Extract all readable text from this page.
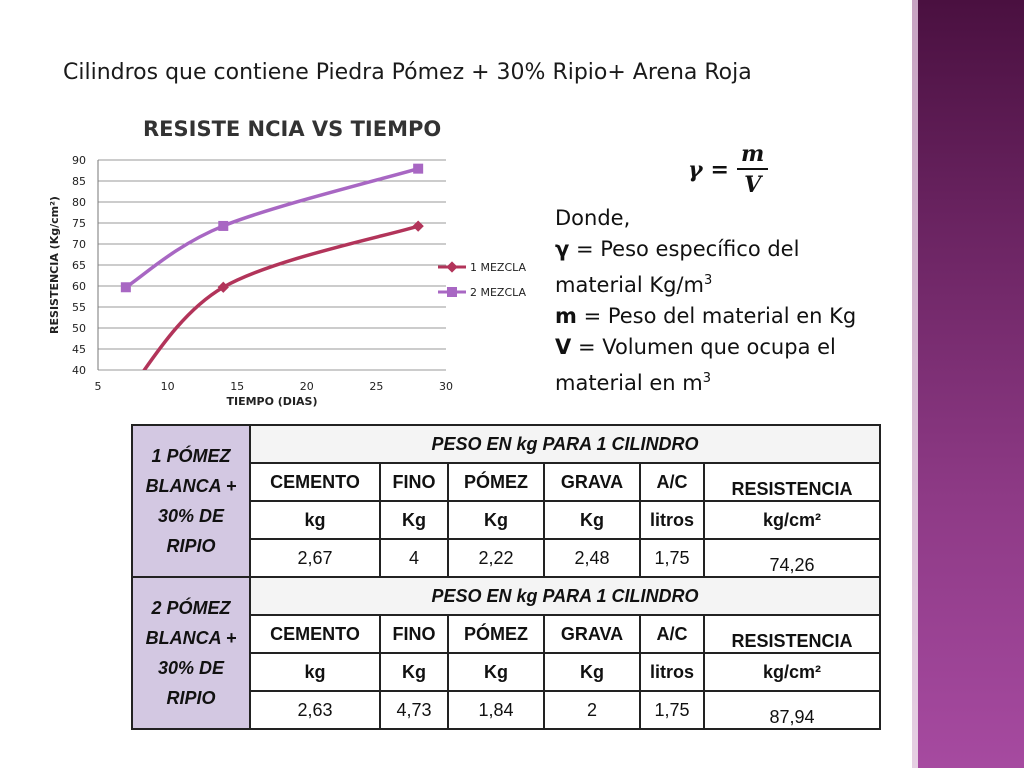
Cilindros que contiene Piedra Pómez + 30% Ripio+ Arena Roja
RESISTE NCIA VS TIEMPO
40
45
50
55
60
65
70
75
80
85
90
5	10	15	20	25	30
TIEMPO (DIAS)
RESISTENCIA (Kg/cm²)	1 MEZCLA
2 MEZCLA
$\gamma = \frac{m}{V}$
Donde,
γ = Peso específico del
material $Kg/m^3$
m = Peso del material en Kg
V = Volumen que ocupa el
material en $m^3$
1 PÓMEZ BLANCA + 30% DE RIPIO	PESO EN kg PARA 1 CILINDRO					
	CEMENTO	FINO	PÓMEZ	GRAVA	A/C	RESISTENCIA
	kg	Kg	Kg	Kg	litros	kg/cm²
	2,67	4	2,22	2,48	1,75	74,26
2 PÓMEZ BLANCA + 30% DE RIPIO	PESO EN kg PARA 1 CILINDRO					
	CEMENTO	FINO	PÓMEZ	GRAVA	A/C	RESISTENCIA
	kg	Kg	Kg	Kg	litros	kg/cm²
	2,63	4,73	1,84	2	1,75	87,94
